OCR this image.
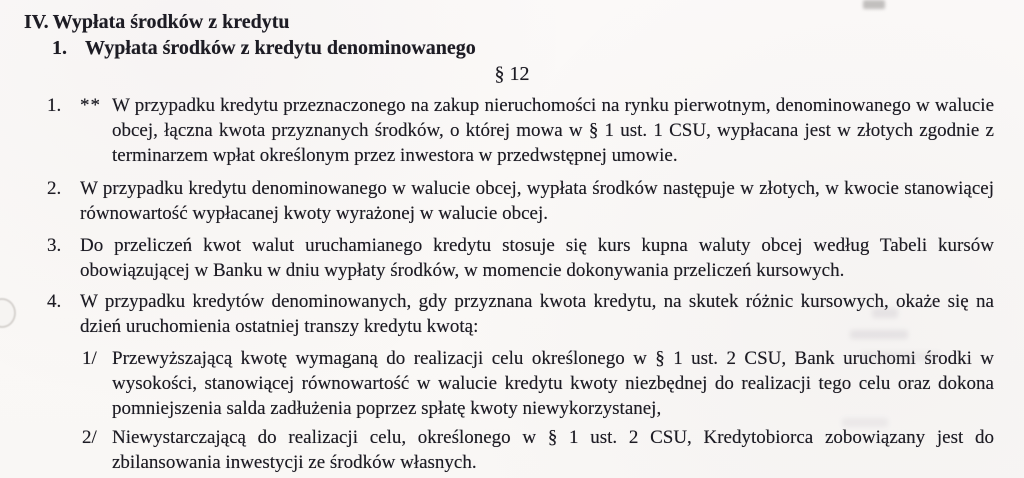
IV. Wypłata środków z kredytu
1. Wypłata środków z kredytu denominowanego
§ 12
1. ** W przypadku kredytu przeznaczonego na zakup nieruchomości na rynku pierwotnym, denominowanego w walucie obcej, łączna kwota przyznanych środków, o której mowa w § 1 ust. 1 CSU, wypłacana jest w złotych zgodnie z terminarzem wpłat określonym przez inwestora w przedwstępnej umowie.
2. W przypadku kredytu denominowanego w walucie obcej, wypłata środków następuje w złotych, w kwocie stanowiącej równowartość wypłacanej kwoty wyrażonej w walucie obcej.
3. Do przeliczeń kwot walut uruchamianego kredytu stosuje się kurs kupna waluty obcej według Tabeli kursów obowiązującej w Banku w dniu wypłaty środków, w momencie dokonywania przeliczeń kursowych.
4. W przypadku kredytów denominowanych, gdy przyznana kwota kredytu, na skutek różnic kursowych, okaże się na dzień uruchomienia ostatniej transzy kredytu kwotą:
1/ Przewyższającą kwotę wymaganą do realizacji celu określonego w § 1 ust. 2 CSU, Bank uruchomi środki w wysokości, stanowiącej równowartość w walucie kredytu kwoty niezbędnej do realizacji tego celu oraz dokona pomniejszenia salda zadłużenia poprzez spłatę kwoty niewykorzystanej,
2/ Niewystarczającą do realizacji celu, określonego w § 1 ust. 2 CSU, Kredytobiorca zobowiązany jest do zbilansowania inwestycji ze środków własnych.
